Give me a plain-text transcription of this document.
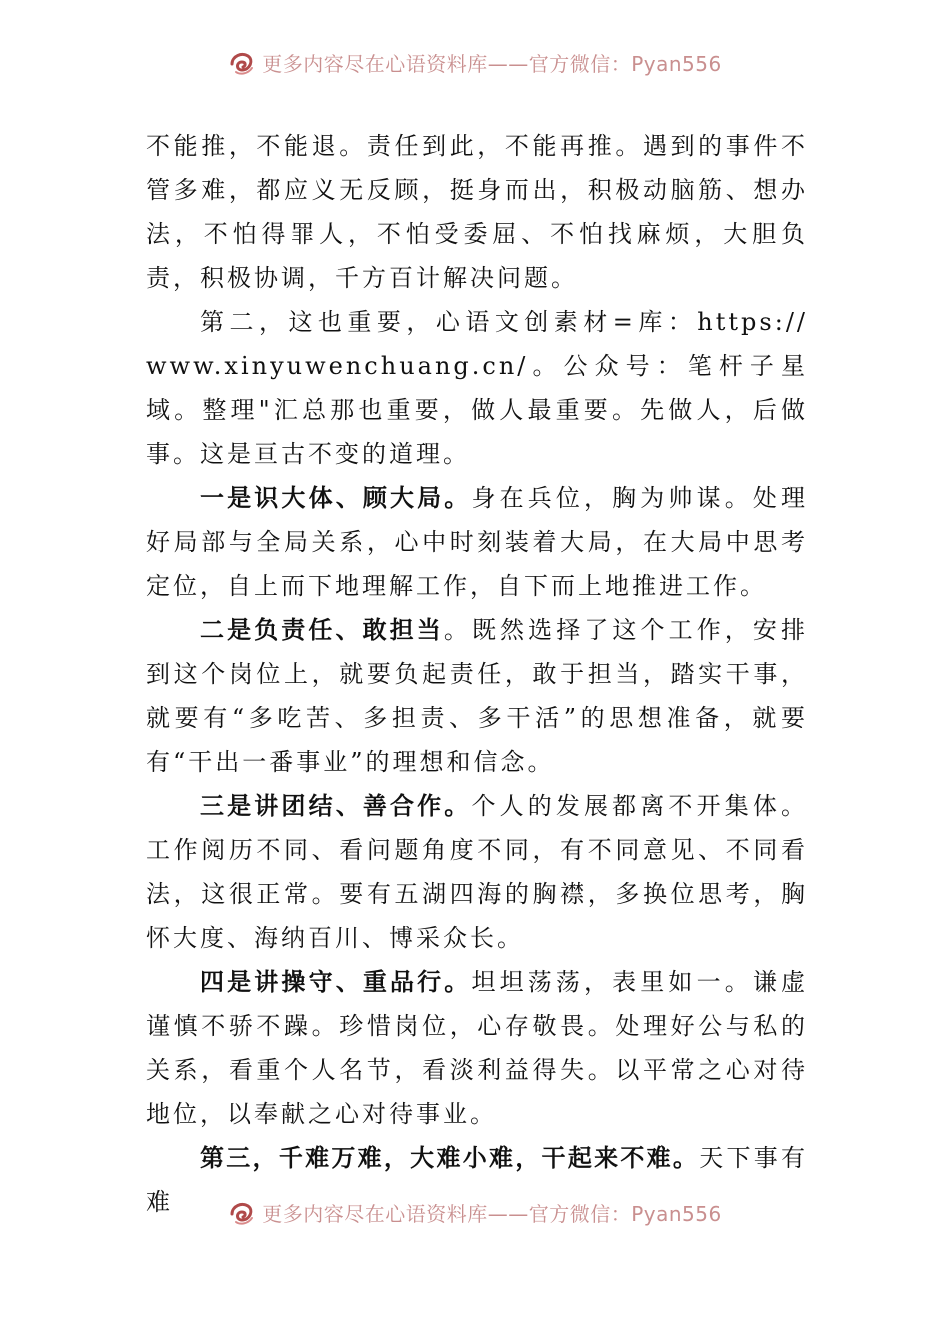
更多内容尽在心语资料库——官方微信：Pyan556

不能推，不能退。责任到此，不能再推。遇到的事件不管多难，都应义无反顾，挺身而出，积极动脑筋、想办法，不怕得罪人，不怕受委屈、不怕找麻烦，大胆负责，积极协调，千方百计解决问题。

第二，这也重要，心语文创素材=库：https://

www.xinyuwenchuang.cn/。公众号：笔杆子星域。整理"汇总那也重要，做人最重要。先做人，后做事。这是亘古不变的道理。

一是识大体、顾大局。身在兵位，胸为帅谋。处理好局部与全局关系，心中时刻装着大局，在大局中思考定位，自上而下地理解工作，自下而上地推进工作。

二是负责任、敢担当。既然选择了这个工作，安排到这个岗位上，就要负起责任，敢于担当，踏实干事，就要有“多吃苦、多担责、多干活”的思想准备，就要有“干出一番事业”的理想和信念。

三是讲团结、善合作。个人的发展都离不开集体。工作阅历不同、看问题角度不同，有不同意见、不同看法，这很正常。要有五湖四海的胸襟，多换位思考，胸怀大度、海纳百川、博采众长。

四是讲操守、重品行。坦坦荡荡，表里如一。谦虚谨慎不骄不躁。珍惜岗位，心存敬畏。处理好公与私的关系，看重个人名节，看淡利益得失。以平常之心对待地位，以奉献之心对待事业。

第三，千难万难，大难小难，干起来不难。天下事有难	更多内容尽在心语资料库——官方微信：Pyan556
